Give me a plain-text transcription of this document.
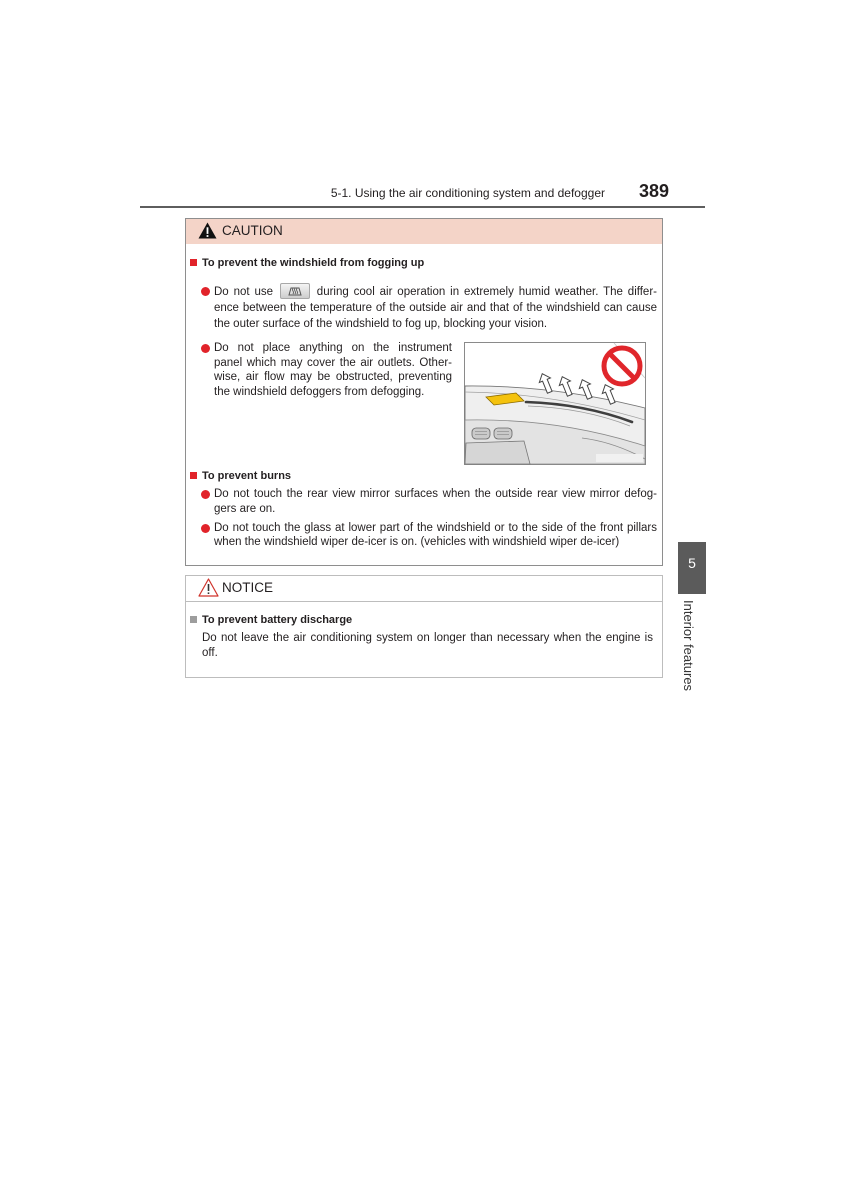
5-1. Using the air conditioning system and defogger 389
CAUTION
To prevent the windshield from fogging up
Do not use	during cool air operation in extremely humid weather. The differ-
ence between the temperature of the outside air and that of the windshield can cause
the outer surface of the windshield to fog up, blocking your vision.
Do not place anything on the instrument
panel which may cover the air outlets. Other-
wise, air flow may be obstructed, preventing
the windshield defoggers from defogging.
To prevent burns
Do not touch the rear view mirror surfaces when the outside rear view mirror defog-
gers are on.
Do not touch the glass at lower part of the windshield or to the side of the front pillars
when the windshield wiper de-icer is on. (vehicles with windshield wiper de-icer)
NOTICE
To prevent battery discharge
Do not leave the air conditioning system on longer than necessary when the engine is
off.
5
Interior features
